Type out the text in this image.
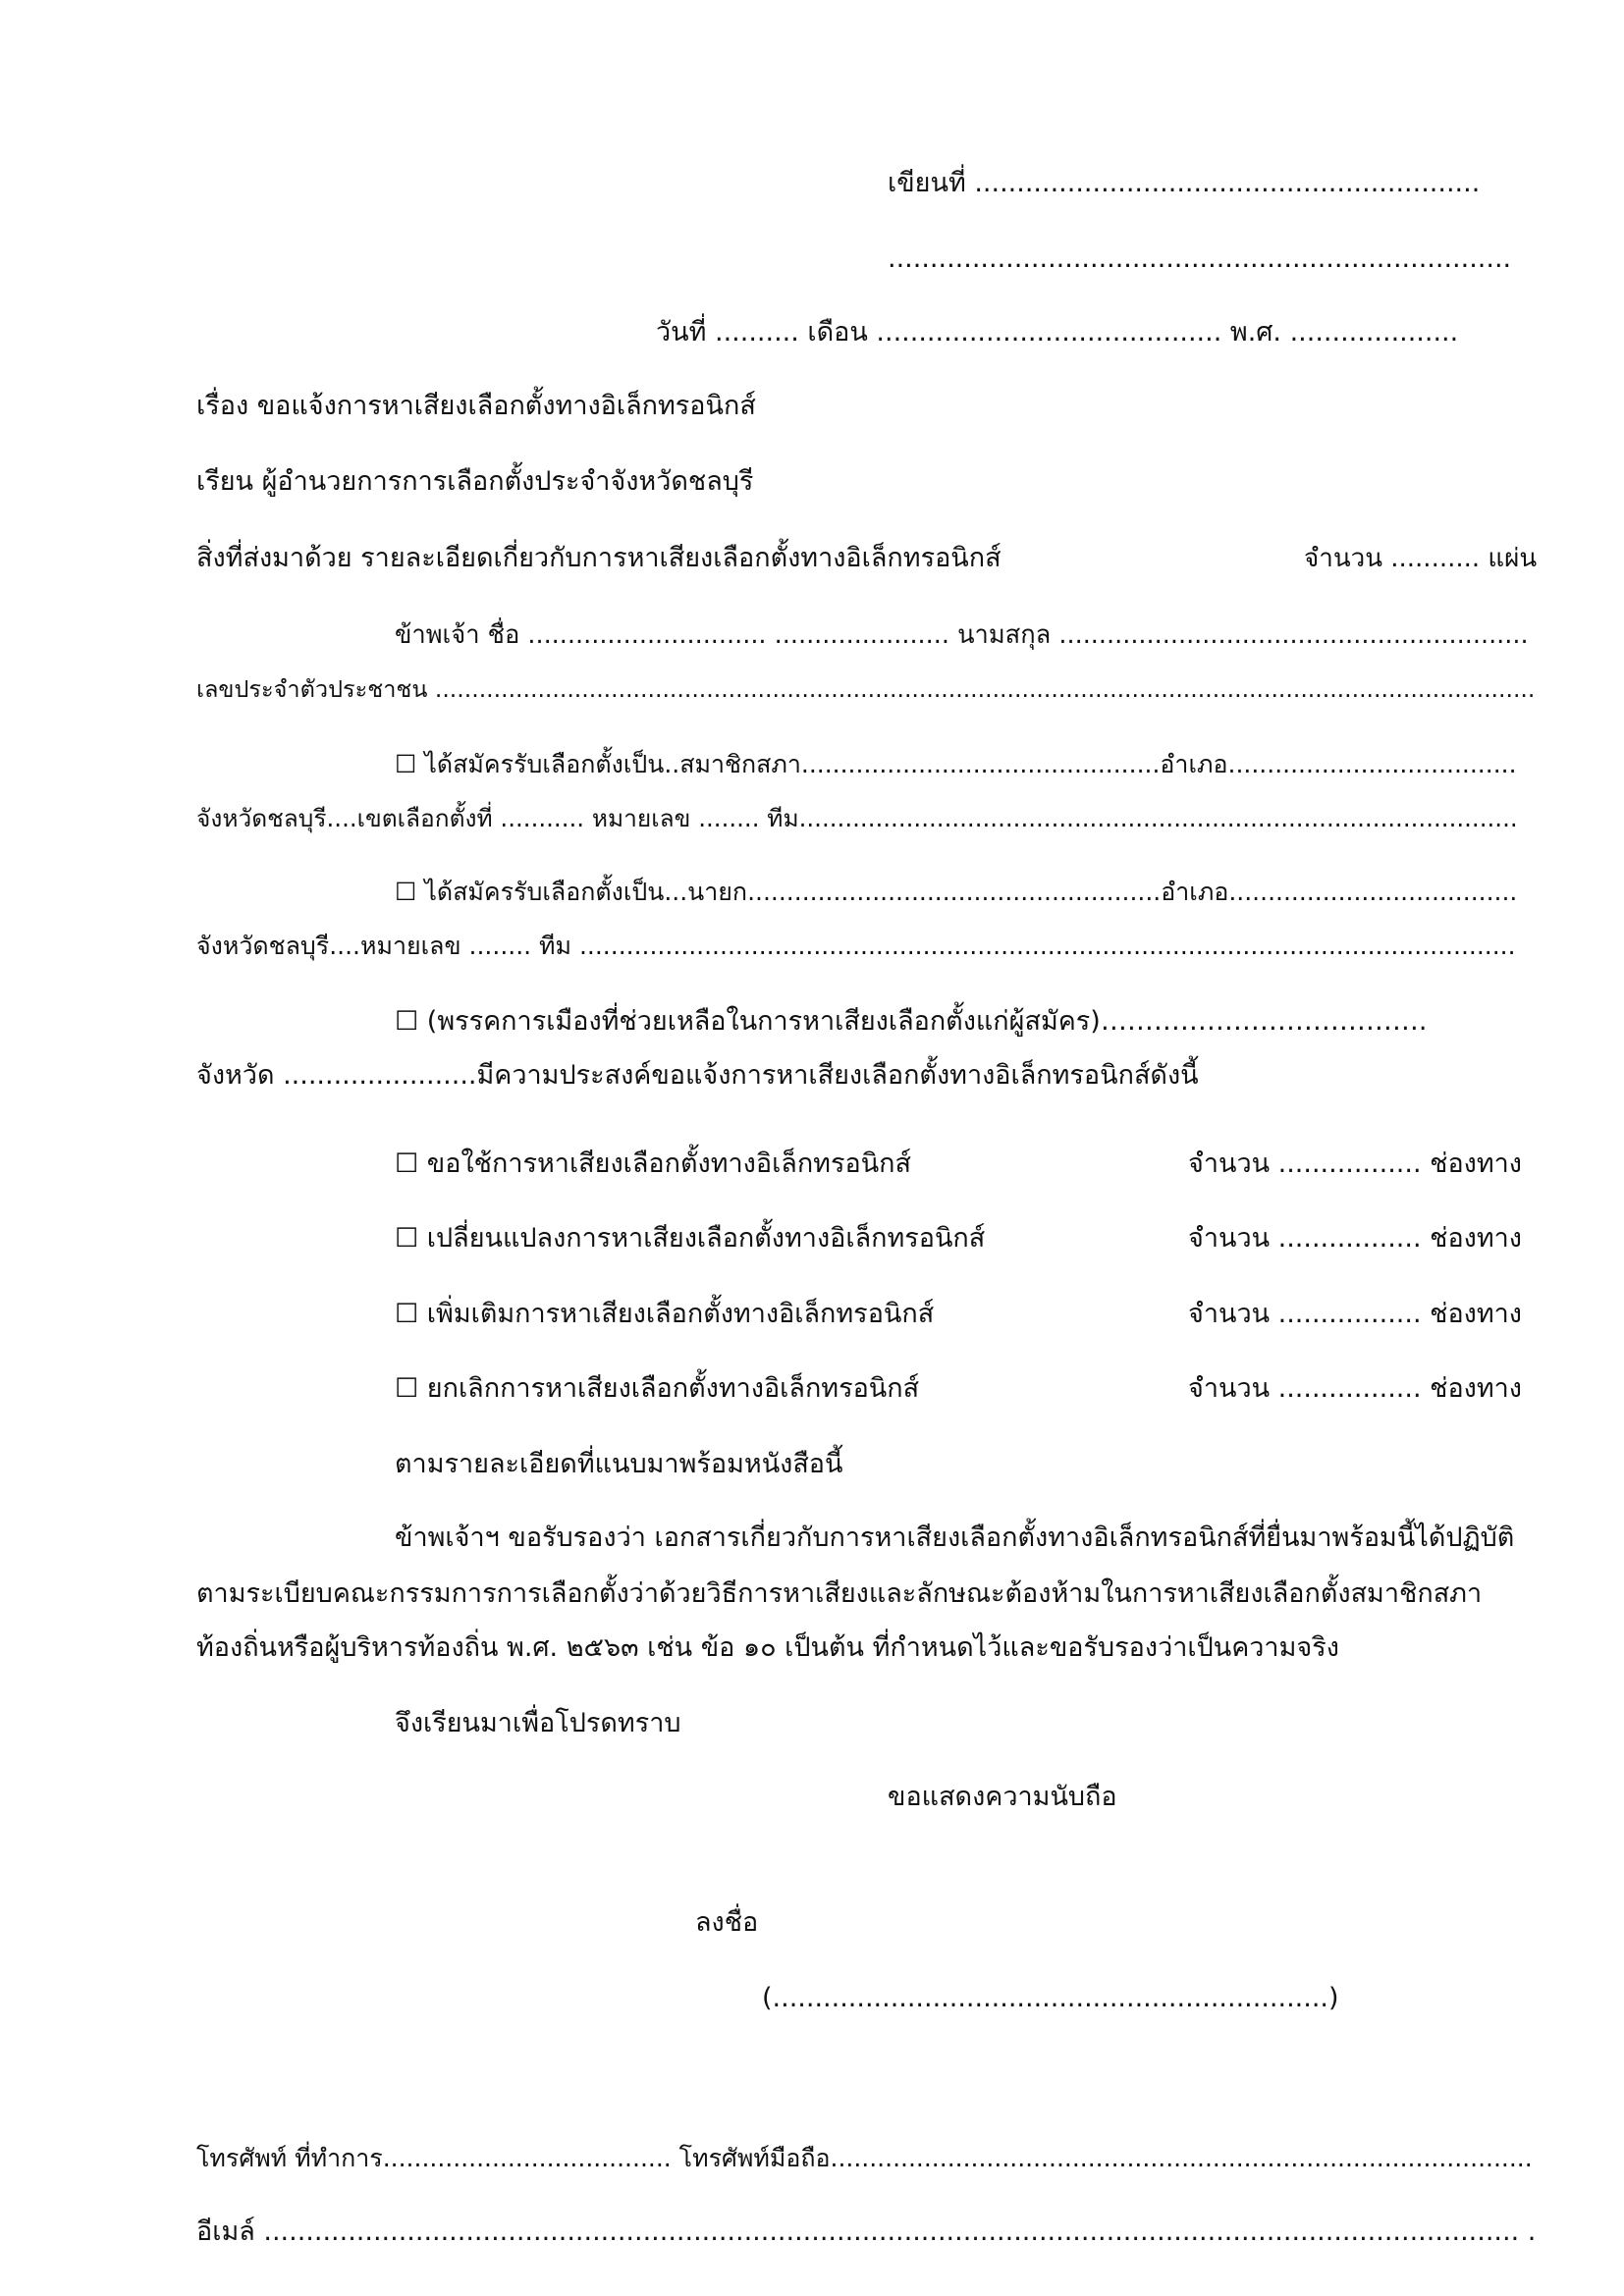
เขียนที่ ............................................................
..........................................................................
วันที่ .......... เดือน ......................................... พ.ศ. ....................
เรื่อง ขอแจ้งการหาเสียงเลือกตั้งทางอิเล็กทรอนิกส์
เรียน ผู้อำนวยการการเลือกตั้งประจำจังหวัดชลบุรี
สิ่งที่ส่งมาด้วย รายละเอียดเกี่ยวกับการหาเสียงเลือกตั้งทางอิเล็กทรอนิกส์	จำนวน ........... แผ่น
ข้าพเจ้า ชื่อ .............................. ...................... นามสกุล ...........................................................
เลขประจำตัวประชาชน ......................................................................................................................................................
☐ ได้สมัครรับเลือกตั้งเป็น..สมาชิกสภา..............................................อำเภอ.....................................
จังหวัดชลบุรี....เขตเลือกตั้งที่ ........... หมายเลข ........ ทีม..............................................................................................
☐ ได้สมัครรับเลือกตั้งเป็น...นายก.....................................................อำเภอ.....................................
จังหวัดชลบุรี....หมายเลข ........ ทีม ........................................................................................................................
☐ (พรรคการเมืองที่ช่วยเหลือในการหาเสียงเลือกตั้งแก่ผู้สมัคร)……………………………….
จังหวัด .......................มีความประสงค์ขอแจ้งการหาเสียงเลือกตั้งทางอิเล็กทรอนิกส์ดังนี้
☐ ขอใช้การหาเสียงเลือกตั้งทางอิเล็กทรอนิกส์	จำนวน ................. ช่องทาง
☐ เปลี่ยนแปลงการหาเสียงเลือกตั้งทางอิเล็กทรอนิกส์	จำนวน ................. ช่องทาง
☐ เพิ่มเติมการหาเสียงเลือกตั้งทางอิเล็กทรอนิกส์	จำนวน ................. ช่องทาง
☐ ยกเลิกการหาเสียงเลือกตั้งทางอิเล็กทรอนิกส์	จำนวน ................. ช่องทาง
ตามรายละเอียดที่แนบมาพร้อมหนังสือนี้
ข้าพเจ้าฯ ขอรับรองว่า เอกสารเกี่ยวกับการหาเสียงเลือกตั้งทางอิเล็กทรอนิกส์ที่ยื่นมาพร้อมนี้ได้ปฏิบัติ
ตามระเบียบคณะกรรมการการเลือกตั้งว่าด้วยวิธีการหาเสียงและลักษณะต้องห้ามในการหาเสียงเลือกตั้งสมาชิกสภา
ท้องถิ่นหรือผู้บริหารท้องถิ่น พ.ศ. ๒๕๖๓ เช่น ข้อ ๑๐ เป็นต้น ที่กำหนดไว้และขอรับรองว่าเป็นความจริง
จึงเรียนมาเพื่อโปรดทราบ
ขอแสดงความนับถือ
ลงชื่อ
(..................................................................)
โทรศัพท์ ที่ทำการ..................................... โทรศัพท์มือถือ..........................................................................................
อีเมล์ ..................................................................................................................................................... .
